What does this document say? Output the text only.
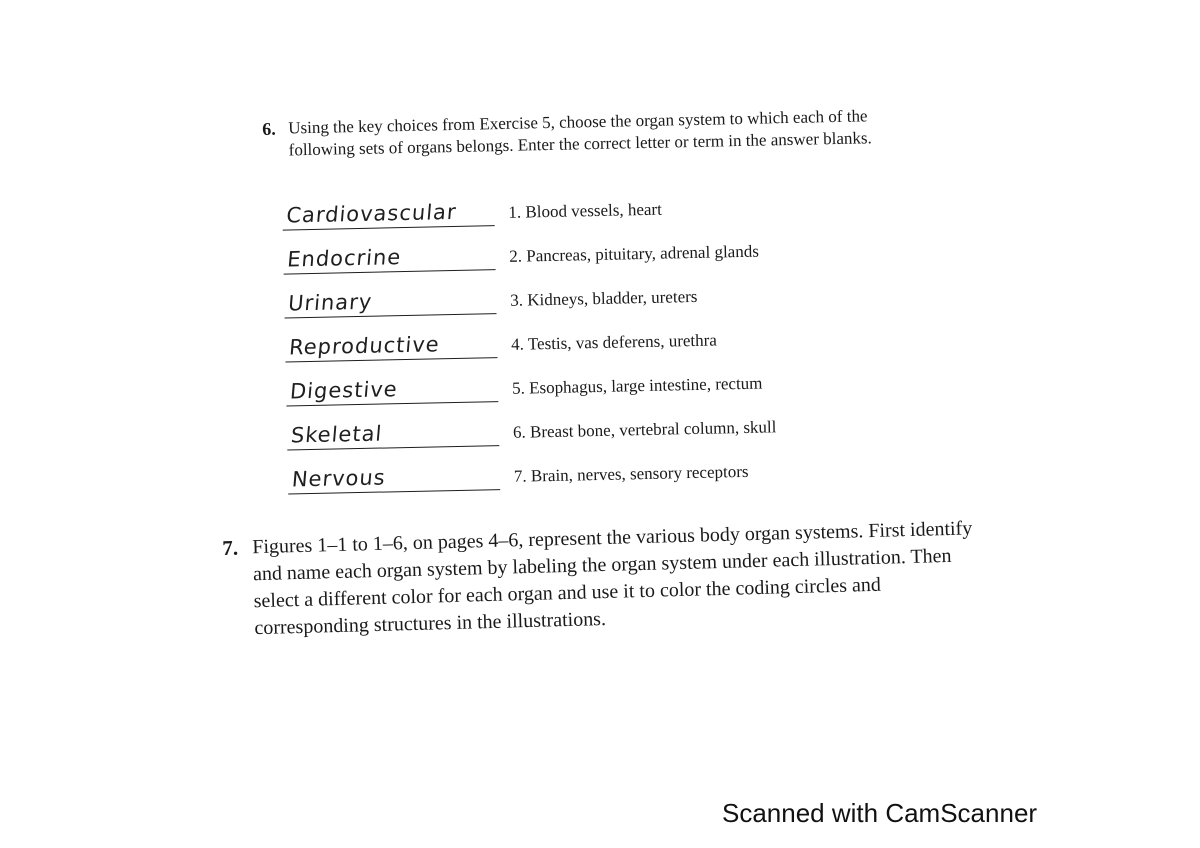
6. Using the key choices from Exercise 5, choose the organ system to which each of the following sets of organs belongs. Enter the correct letter or term in the answer blanks.
Cardiovascular	1. Blood vessels, heart
Endocrine	2. Pancreas, pituitary, adrenal glands
Urinary	3. Kidneys, bladder, ureters
Reproductive	4. Testis, vas deferens, urethra
Digestive	5. Esophagus, large intestine, rectum
Skeletal	6. Breast bone, vertebral column, skull
Nervous	7. Brain, nerves, sensory receptors
7. Figures 1–1 to 1–6, on pages 4–6, represent the various body organ systems. First identify and name each organ system by labeling the organ system under each illustration. Then select a different color for each organ and use it to color the coding circles and corresponding structures in the illustrations.
Scanned with CamScanner
